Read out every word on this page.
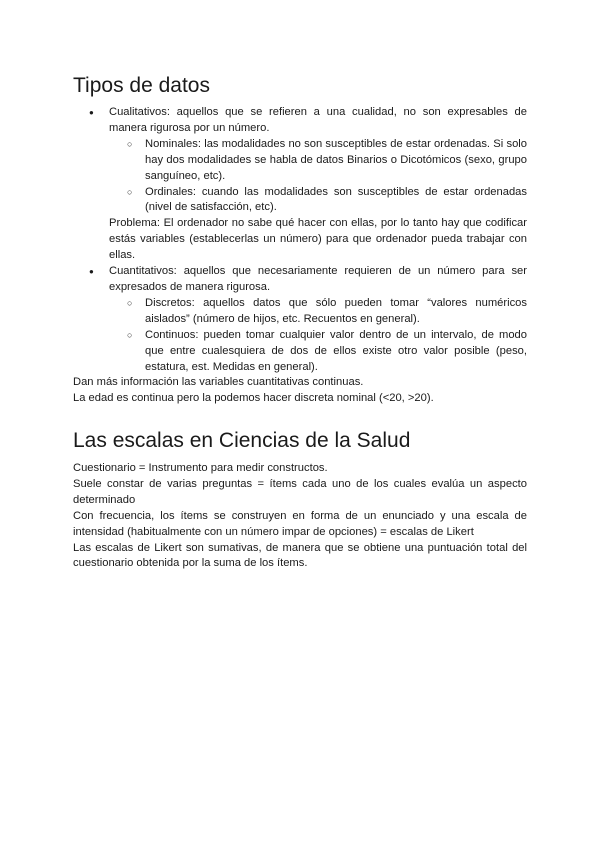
Tipos de datos

● Cualitativos: aquellos que se refieren a una cualidad, no son expresables de manera rigurosa por un número.

○ Nominales: las modalidades no son susceptibles de estar ordenadas. Si solo hay dos modalidades se habla de datos Binarios o Dicotómicos (sexo, grupo sanguíneo, etc).
○ Ordinales: cuando las modalidades son susceptibles de estar ordenadas (nivel de satisfacción, etc).

Problema: El ordenador no sabe qué hacer con ellas, por lo tanto hay que codificar estás variables (establecerlas un número) para que ordenador pueda trabajar con ellas.

● Cuantitativos: aquellos que necesariamente requieren de un número para ser expresados de manera rigurosa.

○ Discretos: aquellos datos que sólo pueden tomar “valores numéricos aislados” (número de hijos, etc. Recuentos en general).
○ Continuos: pueden tomar cualquier valor dentro de un intervalo, de modo que entre cualesquiera de dos de ellos existe otro valor posible (peso, estatura, est. Medidas en general).

Dan más información las variables cuantitativas continuas.

La edad es continua pero la podemos hacer discreta nominal (<20, >20).

Las escalas en Ciencias de la Salud

Cuestionario = Instrumento para medir constructos.

Suele constar de varias preguntas = ítems cada uno de los cuales evalúa un aspecto determinado

Con frecuencia, los ítems se construyen en forma de un enunciado y una escala de intensidad (habitualmente con un número impar de opciones) = escalas de Likert

Las escalas de Likert son sumativas, de manera que se obtiene una puntuación total del cuestionario obtenida por la suma de los ítems.
